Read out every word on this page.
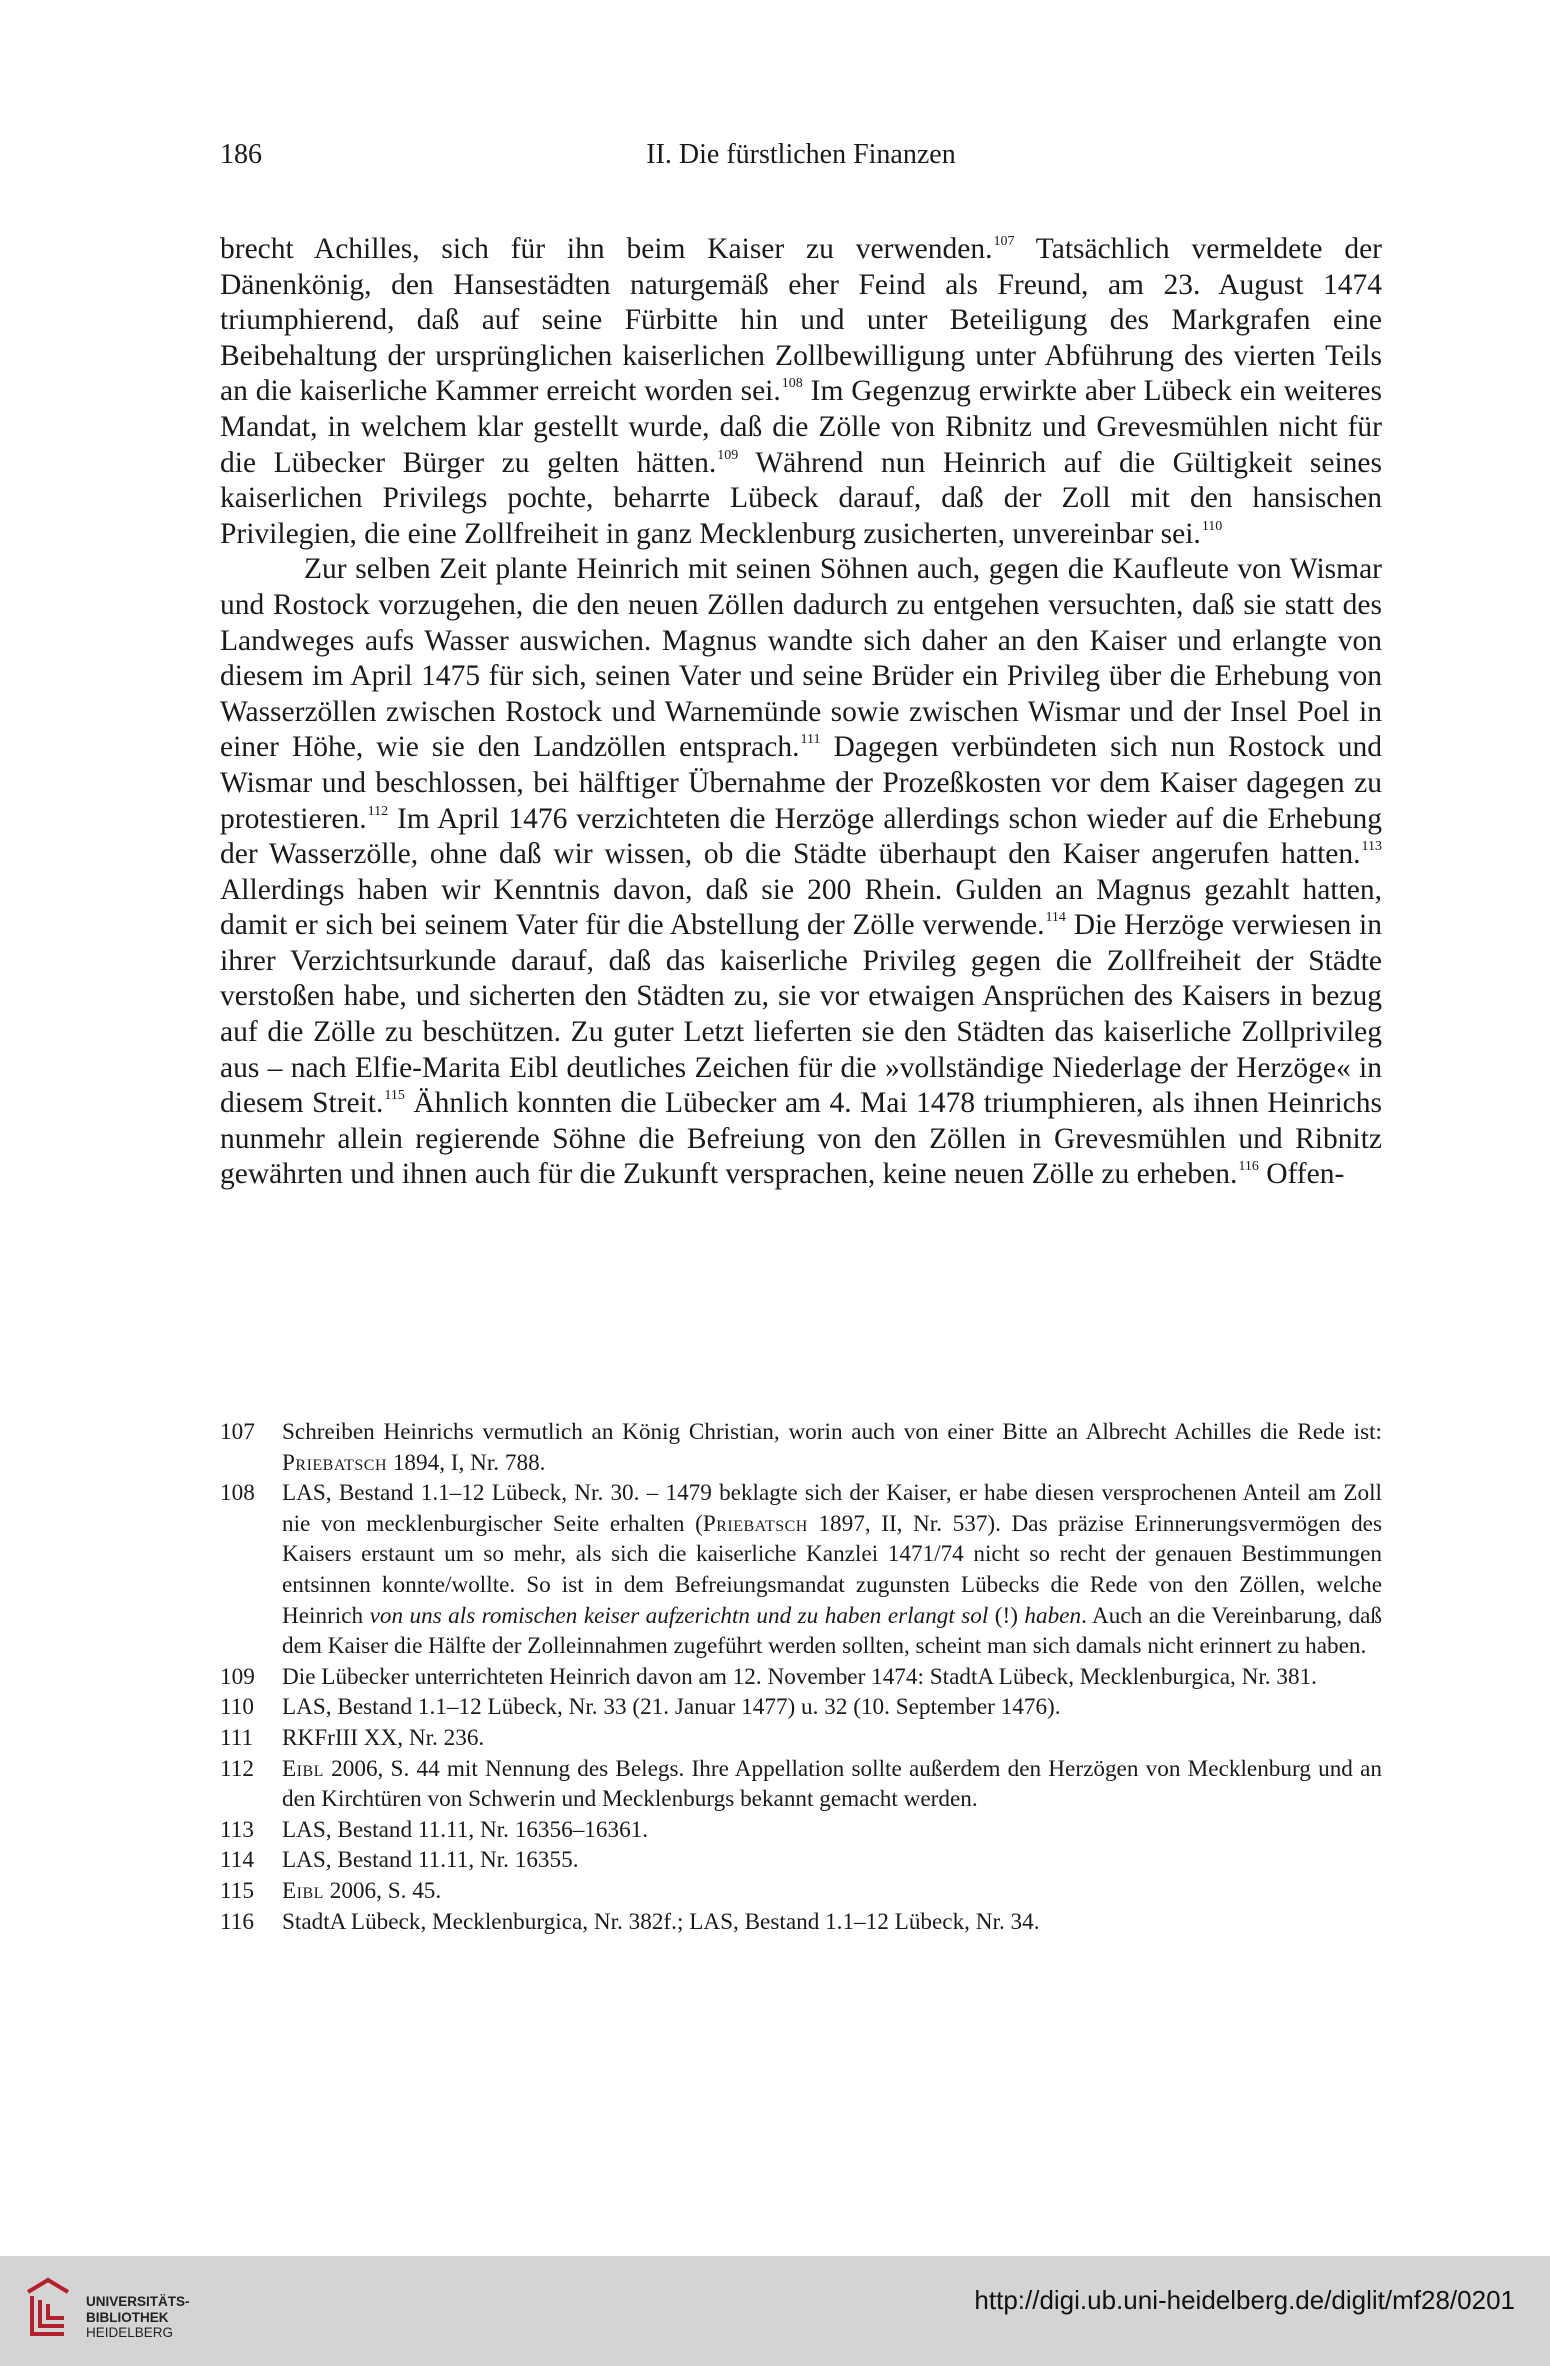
186	II. Die fürstlichen Finanzen

brecht Achilles, sich für ihn beim Kaiser zu verwenden.$^{107}$ Tatsächlich vermeldete der Dänenkönig, den Hansestädten naturgemäß eher Feind als Freund, am 23. August 1474 triumphierend, daß auf seine Fürbitte hin und unter Beteiligung des Markgrafen eine Beibehaltung der ursprünglichen kaiserlichen Zollbewilligung unter Abführung des vierten Teils an die kaiserliche Kammer erreicht worden sei.$^{108}$ Im Gegenzug erwirkte aber Lübeck ein weiteres Mandat, in welchem klar gestellt wurde, daß die Zölle von Ribnitz und Grevesmühlen nicht für die Lübecker Bürger zu gelten hätten.$^{109}$ Während nun Heinrich auf die Gültigkeit seines kaiserlichen Privilegs pochte, beharrte Lübeck darauf, daß der Zoll mit den hansischen Privilegien, die eine Zollfreiheit in ganz Mecklenburg zusicherten, unvereinbar sei.$^{110}$

Zur selben Zeit plante Heinrich mit seinen Söhnen auch, gegen die Kaufleute von Wismar und Rostock vorzugehen, die den neuen Zöllen dadurch zu entgehen versuchten, daß sie statt des Landweges aufs Wasser auswichen. Magnus wandte sich daher an den Kaiser und erlangte von diesem im April 1475 für sich, seinen Vater und seine Brüder ein Privileg über die Erhebung von Wasserzöllen zwischen Rostock und Warnemünde sowie zwischen Wismar und der Insel Poel in einer Höhe, wie sie den Landzöllen entsprach.$^{111}$ Dagegen verbündeten sich nun Rostock und Wismar und beschlossen, bei hälftiger Übernahme der Prozeßkosten vor dem Kaiser dagegen zu protestieren.$^{112}$ Im April 1476 verzichteten die Herzöge allerdings schon wieder auf die Erhebung der Wasserzölle, ohne daß wir wissen, ob die Städte überhaupt den Kaiser angerufen hatten.$^{113}$ Allerdings haben wir Kenntnis davon, daß sie 200 Rhein. Gulden an Magnus gezahlt hatten, damit er sich bei seinem Vater für die Abstellung der Zölle verwende.$^{114}$ Die Herzöge verwiesen in ihrer Verzichtsurkunde darauf, daß das kaiserliche Privileg gegen die Zollfreiheit der Städte verstoßen habe, und sicherten den Städten zu, sie vor etwaigen Ansprüchen des Kaisers in bezug auf die Zölle zu beschützen. Zu guter Letzt lieferten sie den Städten das kaiserliche Zollprivileg aus – nach Elfie-Marita Eibl deutliches Zeichen für die »vollständige Niederlage der Herzöge« in diesem Streit.$^{115}$ Ähnlich konnten die Lübecker am 4. Mai 1478 triumphieren, als ihnen Heinrichs nunmehr allein regierende Söhne die Befreiung von den Zöllen in Grevesmühlen und Ribnitz gewährten und ihnen auch für die Zukunft versprachen, keine neuen Zölle zu erheben.$^{116}$ Offen-

107 Schreiben Heinrichs vermutlich an König Christian, worin auch von einer Bitte an Albrecht Achilles die Rede ist: Priebatsch 1894, I, Nr. 788.
108 LAS, Bestand 1.1–12 Lübeck, Nr. 30. – 1479 beklagte sich der Kaiser, er habe diesen versprochenen Anteil am Zoll nie von mecklenburgischer Seite erhalten (Priebatsch 1897, II, Nr. 537). Das präzise Erinnerungsvermögen des Kaisers erstaunt um so mehr, als sich die kaiserliche Kanzlei 1471/74 nicht so recht der genauen Bestimmungen entsinnen konnte/wollte. So ist in dem Befreiungsmandat zugunsten Lübecks die Rede von den Zöllen, welche Heinrich von uns als romischen keiser aufzerichtn und zu haben erlangt sol (!) haben. Auch an die Vereinbarung, daß dem Kaiser die Hälfte der Zolleinnahmen zugeführt werden sollten, scheint man sich damals nicht erinnert zu haben.
109 Die Lübecker unterrichteten Heinrich davon am 12. November 1474: StadtA Lübeck, Mecklenburgica, Nr. 381.
110 LAS, Bestand 1.1–12 Lübeck, Nr. 33 (21. Januar 1477) u. 32 (10. September 1476).
111 RKFrIII XX, Nr. 236.
112 Eibl 2006, S. 44 mit Nennung des Belegs. Ihre Appellation sollte außerdem den Herzögen von Mecklenburg und an den Kirchtüren von Schwerin und Mecklenburgs bekannt gemacht werden.
113 LAS, Bestand 11.11, Nr. 16356–16361.
114 LAS, Bestand 11.11, Nr. 16355.
115 Eibl 2006, S. 45.
116 StadtA Lübeck, Mecklenburgica, Nr. 382f.; LAS, Bestand 1.1–12 Lübeck, Nr. 34.
UNIVERSITÄTS-
BIBLIOTHEK
HEIDELBERG
http://digi.ub.uni-heidelberg.de/diglit/mf28/0201
